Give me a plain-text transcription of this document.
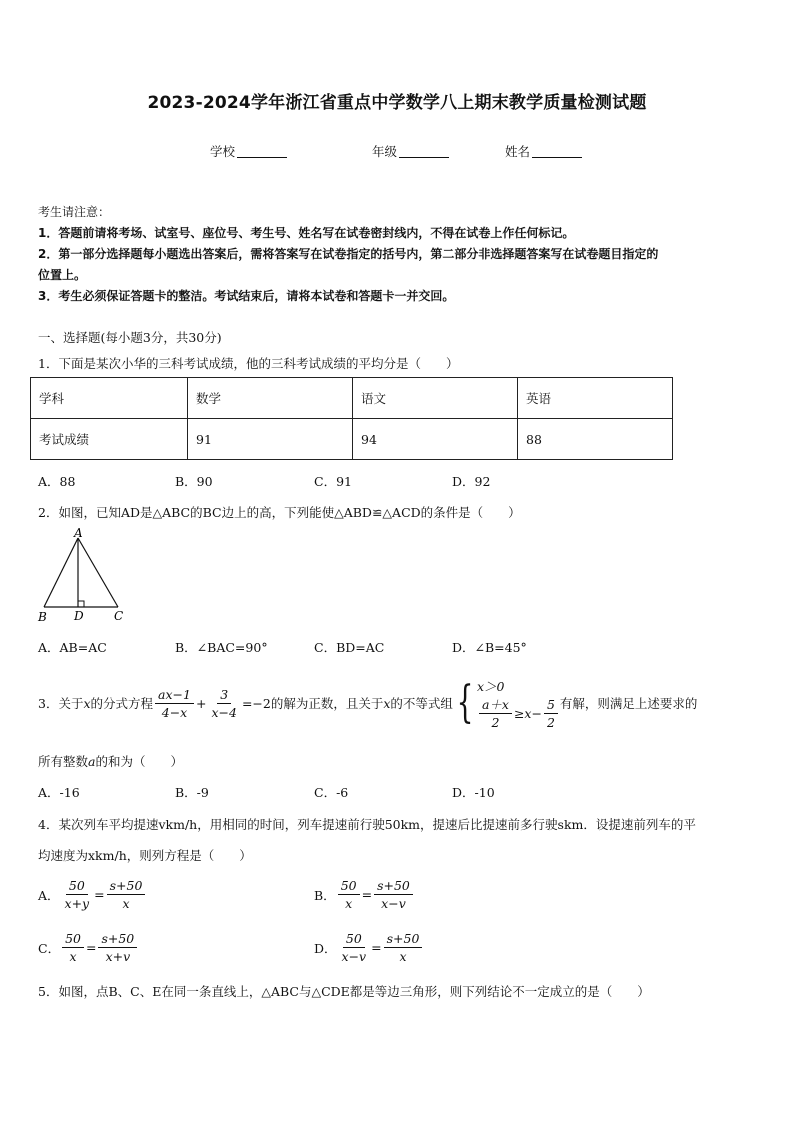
2023-2024学年浙江省重点中学数学八上期末教学质量检测试题
学校	年级	姓名
考生请注意：
1．答题前请将考场、试室号、座位号、考生号、姓名写在试卷密封线内，不得在试卷上作任何标记。
2．第一部分选择题每小题选出答案后，需将答案写在试卷指定的括号内，第二部分非选择题答案写在试卷题目指定的
位置上。
3．考生必须保证答题卡的整洁。考试结束后，请将本试卷和答题卡一并交回。
一、选择题(每小题3分，共30分)
1．下面是某次小华的三科考试成绩，他的三科考试成绩的平均分是（　　）
学科	数学	语文	英语
考试成绩	91	94	88
A．88	B．90	C．91	D．92
2．如图，已知AD是△ABC的BC边上的高，下列能使△ABD≌△ACD的条件是（　　）
A
B D	C
A．AB=AC	B．∠BAC=90°	C．BD=AC	D．∠B=45°
3．关于 x 的分式方程 $\frac{ax-1}{4-x} + \frac{3}{x-4} =-2$ 的解为正数，且关于 x 的不等式组 { x＞0
$\frac{a+x}{2} \ge x- \frac{5}{2}$ 有解，则满足上述要求的
所有整数a的和为（　　）
A．-16	B．-9	C．-6	D．-10
4．某次列车平均提速vkm/h，用相同的时间，列车提速前行驶50km，提速后比提速前多行驶skm．设提速前列车的平
均速度为xkm/h，则列方程是（　　）
A． $\frac{50}{x+y} = \frac{s+50}{x}$	B． $\frac{50}{x} = \frac{s+50}{x-v}$
C． $\frac{50}{x} = \frac{s+50}{x+v}$	D． $\frac{50}{x-v} = \frac{s+50}{x}$
5．如图，点B、C、E在同一条直线上，△ABC与△CDE都是等边三角形，则下列结论不一定成立的是（　　）
